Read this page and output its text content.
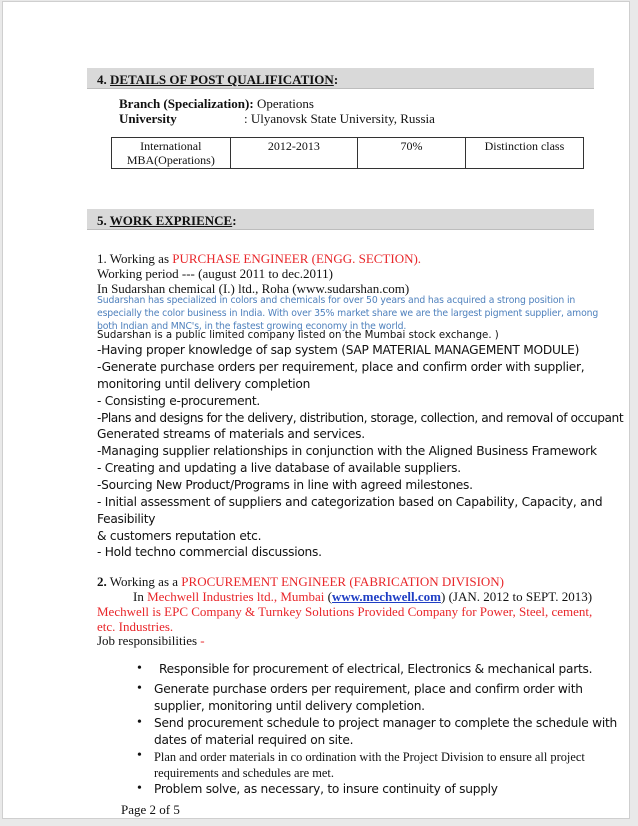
4. DETAILS OF POST QUALIFICATION:
Branch (Specialization): Operations
University	: Ulyanovsk State University, Russia
International MBA(Operations)	2012-2013	70%	Distinction class
5. WORK EXPRIENCE:
1. Working as PURCHASE ENGINEER (ENGG. SECTION).
Working period --- (august 2011 to dec.2011)
In Sudarshan chemical (I.) ltd., Roha (www.sudarshan.com)
Sudarshan has specialized in colors and chemicals for over 50 years and has acquired a strong position in
especially the color business in India. With over 35% market share we are the largest pigment supplier, among
both Indian and MNC's, in the fastest growing economy in the world.
Sudarshan is a public limited company listed on the Mumbai stock exchange. )
-Having proper knowledge of sap system (SAP MATERIAL MANAGEMENT MODULE)
-Generate purchase orders per requirement, place and confirm order with supplier,
monitoring until delivery completion
- Consisting e-procurement.
-Plans and designs for the delivery, distribution, storage, collection, and removal of occupant
Generated streams of materials and services.
-Managing supplier relationships in conjunction with the Aligned Business Framework
- Creating and updating a live database of available suppliers.
-Sourcing New Product/Programs in line with agreed milestones.
- Initial assessment of suppliers and categorization based on Capability, Capacity, and
Feasibility
& customers reputation etc.
- Hold techno commercial discussions.
2. Working as a PROCUREMENT ENGINEER (FABRICATION DIVISION)
In Mechwell Industries ltd., Mumbai (www.mechwell.com) (JAN. 2012 to SEPT. 2013)
Mechwell is EPC Company & Turnkey Solutions Provided Company for Power, Steel, cement,
etc. Industries.
Job responsibilities -
• Responsible for procurement of electrical, Electronics & mechanical parts.
• Generate purchase orders per requirement, place and confirm order with
supplier, monitoring until delivery completion.
• Send procurement schedule to project manager to complete the schedule with
dates of material required on site.
• Plan and order materials in co ordination with the Project Division to ensure all project
requirements and schedules are met.
• Problem solve, as necessary, to insure continuity of supply
Page 2 of 5
